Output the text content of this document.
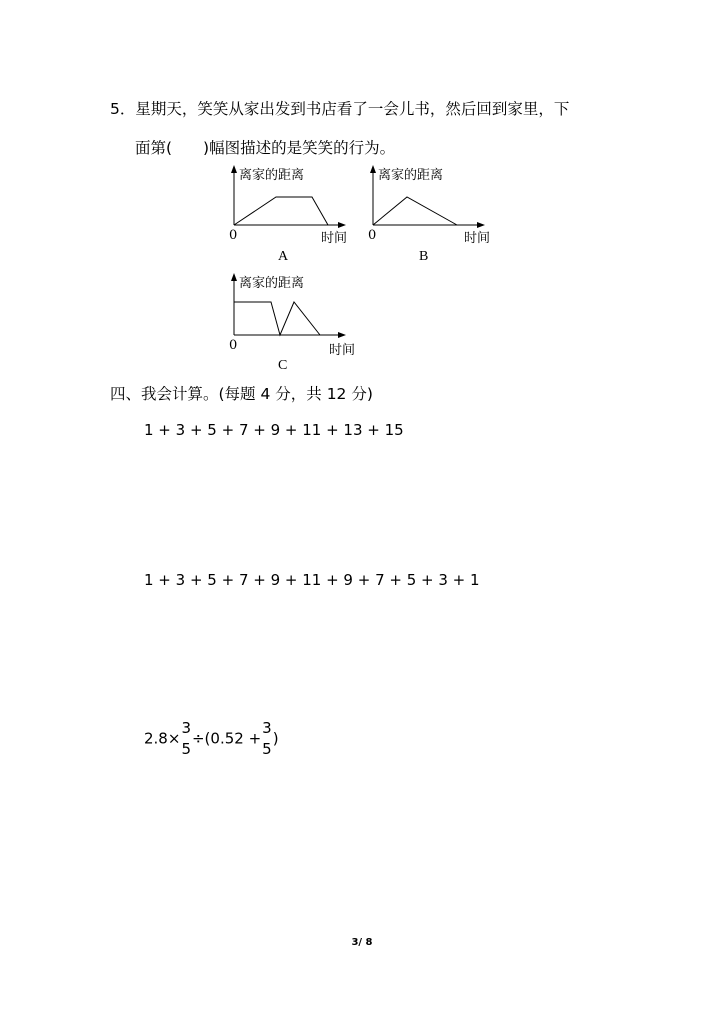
5．星期天，笑笑从家出发到书店看了一会儿书，然后回到家里，下
面第(　　)幅图描述的是笑笑的行为。
离家的距离
0	时间
A
离家的距离
0	时间
B
离家的距离
0	时间
C
四、我会计算。(每题 4 分，共 12 分)
1 + 3 + 5 + 7 + 9 + 11 + 13 + 15
1 + 3 + 5 + 7 + 9 + 11 + 9 + 7 + 5 + 3 + 1
2.8×
3
5
÷(0.52 +
3
5
)
3/ 8
